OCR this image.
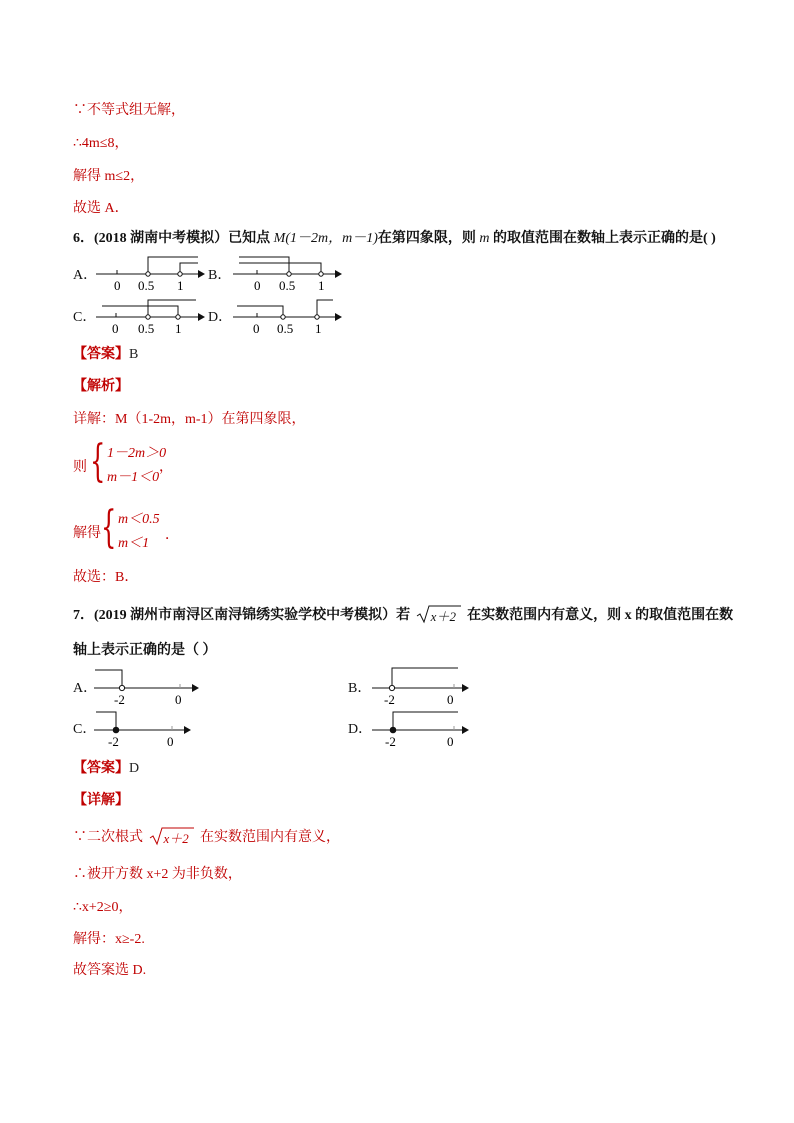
∵不等式组无解，
∴4m≤8，
解得 m≤2，
故选 A．
6．(2018 湖南中考模拟）已知点 M(1－2m，m－1)在第四象限，则 m 的取值范围在数轴上表示正确的是( )
A．
0 0.5 1
B．
0 0.5 1
C．
0 0.5 1
D．
0 0.5 1
【答案】B
【解析】
详解：M（1-2m，m-1）在第四象限，
则 { 1－2m＞0
m－1＜0
，
解得 { m＜0.5
m＜1
．
故选：B．
7．(2019 湖州市南浔区南浔锦绣实验学校中考模拟）若 x＋2 在实数范围内有意义，则 x 的取值范围在数
轴上表示正确的是（ ）
A．
-2	0
B．
-2	0
C．
-2	0
D．
-2	0
【答案】D
【详解】
∵二次根式 x＋2 在实数范围内有意义，
∴被开方数 x+2 为非负数，
∴x+2≥0，
解得：x≥-2.
故答案选 D.
